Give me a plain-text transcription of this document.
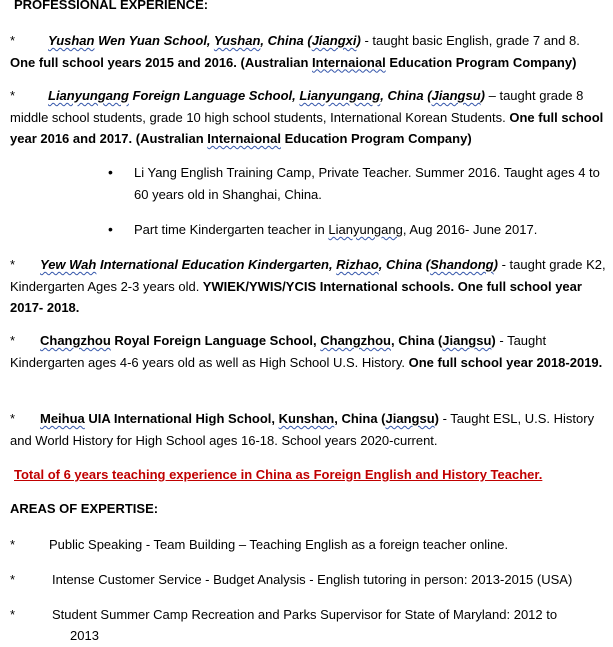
PROFESSIONAL EXPERIENCE:
*	Yushan Wen Yuan School, Yushan, China (Jiangxi) - taught basic English, grade 7 and 8.
One full school years 2015 and 2016. (Australian Internaional Education Program Company)
*	Lianyungang Foreign Language School, Lianyungang, China (Jiangsu) – taught grade 8 middle school students, grade 10 high school students, International Korean Students. One full school year 2016 and 2017. (Australian Internaional Education Program Company)
• Li Yang English Training Camp, Private Teacher. Summer 2016. Taught ages 4 to 60 years old in Shanghai, China.
• Part time Kindergarten teacher in Lianyungang, Aug 2016- June 2017.
* Yew Wah International Education Kindergarten, Rizhao, China (Shandong) - taught grade K2, Kindergarten Ages 2-3 years old. YWIEK/YWIS/YCIS International schools. One full school year 2017- 2018.
* Changzhou Royal Foreign Language School, Changzhou, China (Jiangsu) - Taught Kindergarten ages 4-6 years old as well as High School U.S. History. One full school year 2018-2019.
* Meihua UIA International High School, Kunshan, China (Jiangsu) - Taught ESL, U.S. History and World History for High School ages 16-18. School years 2020-current.
Total of 6 years teaching experience in China as Foreign English and History Teacher.
AREAS OF EXPERTISE:
*	Public Speaking - Team Building – Teaching English as a foreign teacher online.
*	Intense Customer Service - Budget Analysis - English tutoring in person: 2013-2015 (USA)
*	Student Summer Camp Recreation and Parks Supervisor for State of Maryland: 2012 to
2013
